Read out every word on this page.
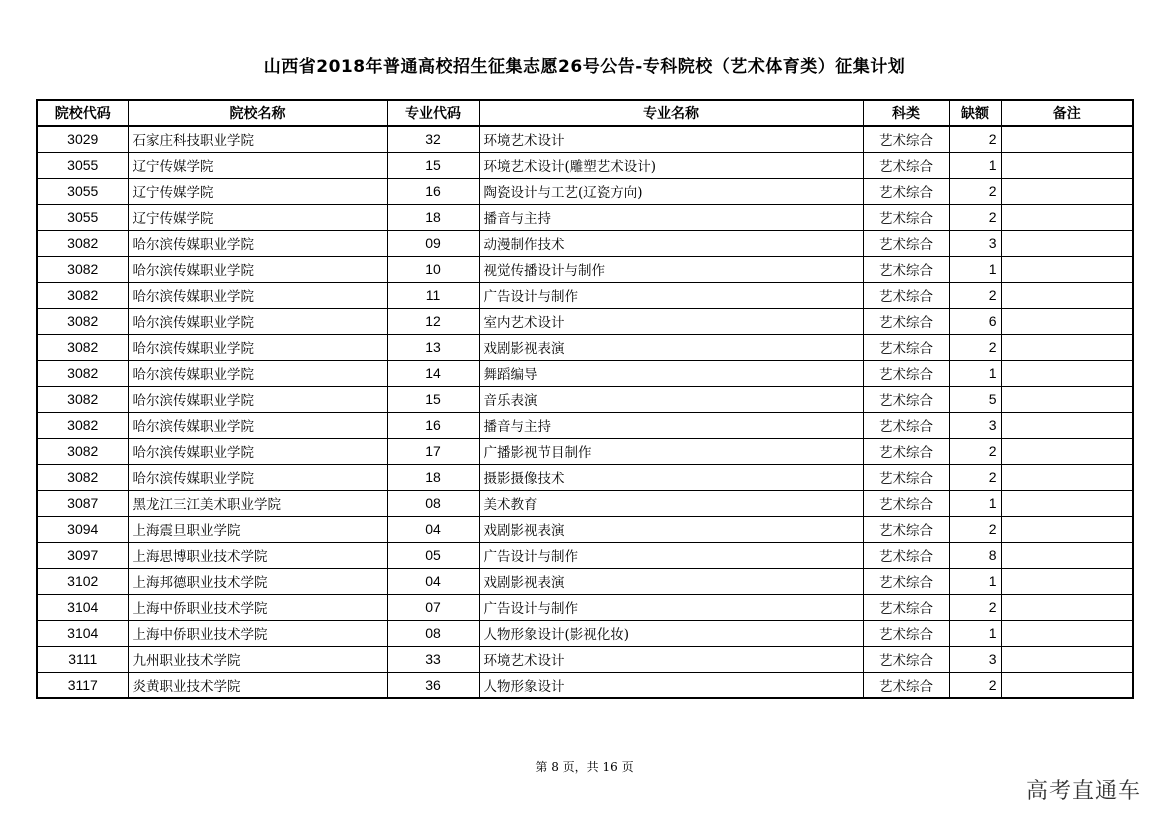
山西省2018年普通高校招生征集志愿26号公告-专科院校（艺术体育类）征集计划
院校代码	院校名称	专业代码	专业名称	科类	缺额	备注
3029	石家庄科技职业学院	32	环境艺术设计	艺术综合	2	
3055	辽宁传媒学院	15	环境艺术设计(雕塑艺术设计)	艺术综合	1	
3055	辽宁传媒学院	16	陶瓷设计与工艺(辽瓷方向)	艺术综合	2	
3055	辽宁传媒学院	18	播音与主持	艺术综合	2	
3082	哈尔滨传媒职业学院	09	动漫制作技术	艺术综合	3	
3082	哈尔滨传媒职业学院	10	视觉传播设计与制作	艺术综合	1	
3082	哈尔滨传媒职业学院	11	广告设计与制作	艺术综合	2	
3082	哈尔滨传媒职业学院	12	室内艺术设计	艺术综合	6	
3082	哈尔滨传媒职业学院	13	戏剧影视表演	艺术综合	2	
3082	哈尔滨传媒职业学院	14	舞蹈编导	艺术综合	1	
3082	哈尔滨传媒职业学院	15	音乐表演	艺术综合	5	
3082	哈尔滨传媒职业学院	16	播音与主持	艺术综合	3	
3082	哈尔滨传媒职业学院	17	广播影视节目制作	艺术综合	2	
3082	哈尔滨传媒职业学院	18	摄影摄像技术	艺术综合	2	
3087	黑龙江三江美术职业学院	08	美术教育	艺术综合	1	
3094	上海震旦职业学院	04	戏剧影视表演	艺术综合	2	
3097	上海思博职业技术学院	05	广告设计与制作	艺术综合	8	
3102	上海邦德职业技术学院	04	戏剧影视表演	艺术综合	1	
3104	上海中侨职业技术学院	07	广告设计与制作	艺术综合	2	
3104	上海中侨职业技术学院	08	人物形象设计(影视化妆)	艺术综合	1	
3111	九州职业技术学院	33	环境艺术设计	艺术综合	3	
3117	炎黄职业技术学院	36	人物形象设计	艺术综合	2	
第 8 页，共 16 页
高考直通车
